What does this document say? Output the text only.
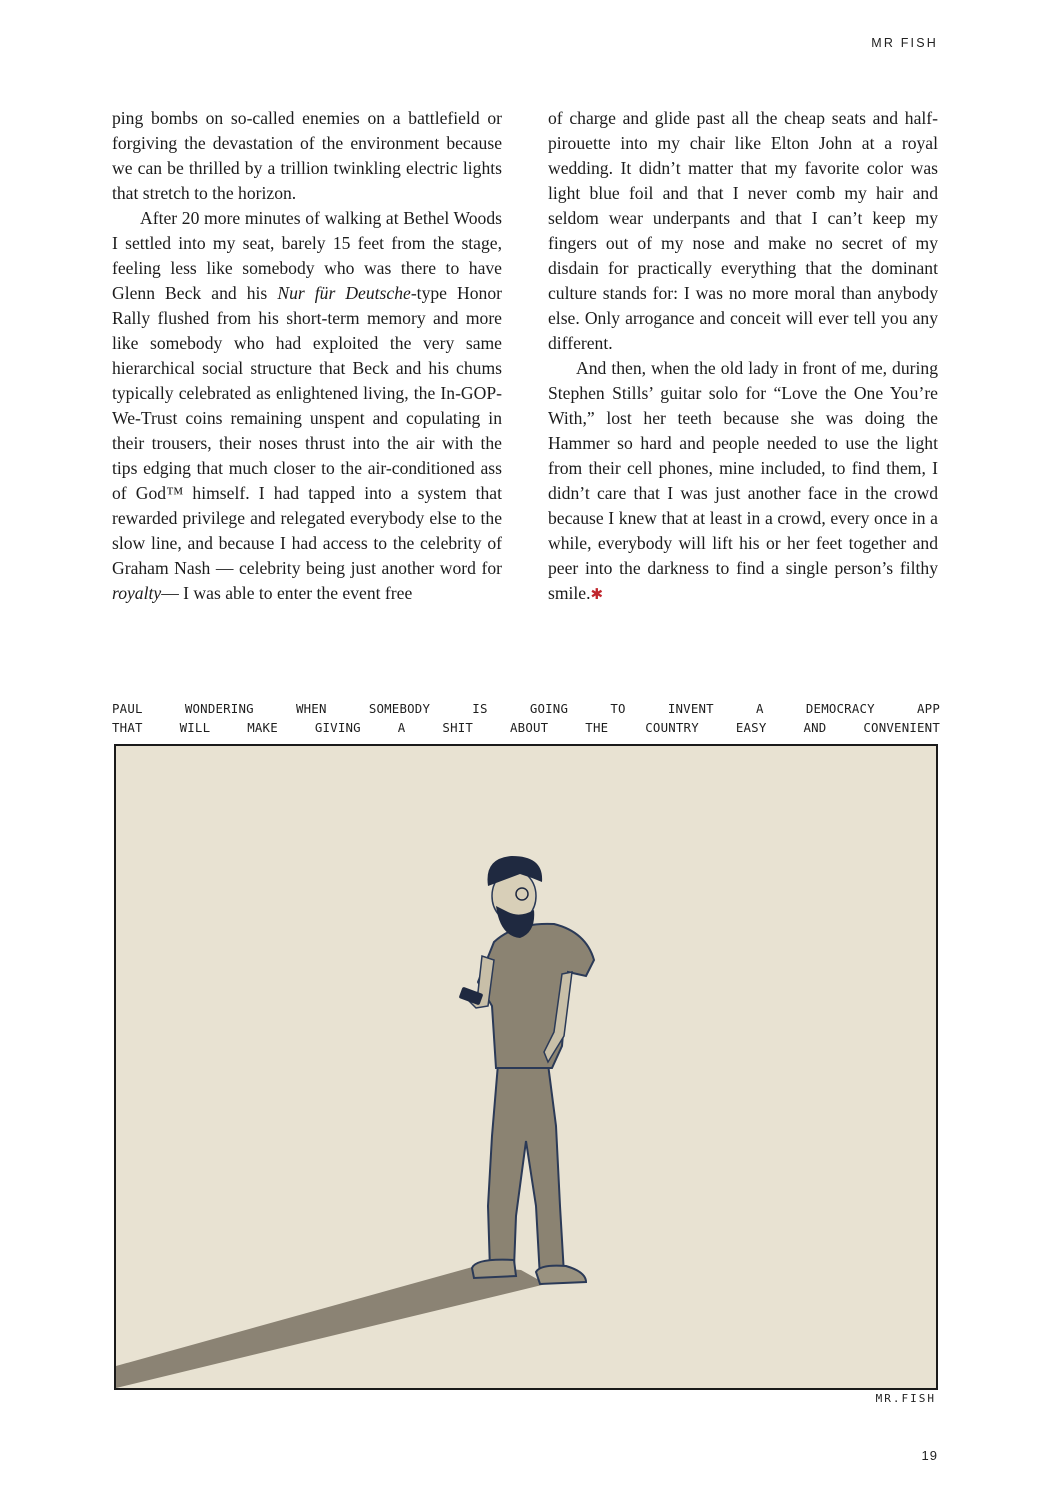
MR FISH

ping bombs on so-called enemies on a battlefield or forgiving the devastation of the environment because we can be thrilled by a trillion twinkling electric lights that stretch to the horizon.

After 20 more minutes of walking at Bethel Woods I settled into my seat, barely 15 feet from the stage, feeling less like somebody who was there to have Glenn Beck and his Nur für Deutsche-type Honor Rally flushed from his short-term memory and more like somebody who had exploited the very same hierarchical social structure that Beck and his chums typically celebrated as enlightened living, the In-GOP-We-Trust coins remaining unspent and copulating in their trousers, their noses thrust into the air with the tips edging that much closer to the air-conditioned ass of God™ himself. I had tapped into a system that rewarded privilege and relegated everybody else to the slow line, and because I had access to the celebrity of Graham Nash — celebrity being just another word for royalty— I was able to enter the event free

of charge and glide past all the cheap seats and half-pirouette into my chair like Elton John at a royal wedding. It didn’t matter that my favorite color was light blue foil and that I never comb my hair and seldom wear underpants and that I can’t keep my fingers out of my nose and make no secret of my disdain for practically everything that the dominant culture stands for: I was no more moral than anybody else. Only arrogance and conceit will ever tell you any different.

And then, when the old lady in front of me, during Stephen Stills’ guitar solo for “Love the One You’re With,” lost her teeth because she was doing the Hammer so hard and people needed to use the light from their cell phones, mine included, to find them, I didn’t care that I was just another face in the crowd because I knew that at least in a crowd, every once in a while, everybody will lift his or her feet together and peer into the darkness to find a single person’s filthy smile.✱

PAUL WONDERING WHEN SOMEBODY IS GOING TO INVENT A DEMOCRACY APP
THAT WILL MAKE GIVING A SHIT ABOUT THE COUNTRY EASY AND CONVENIENT
MR.FISH
19
